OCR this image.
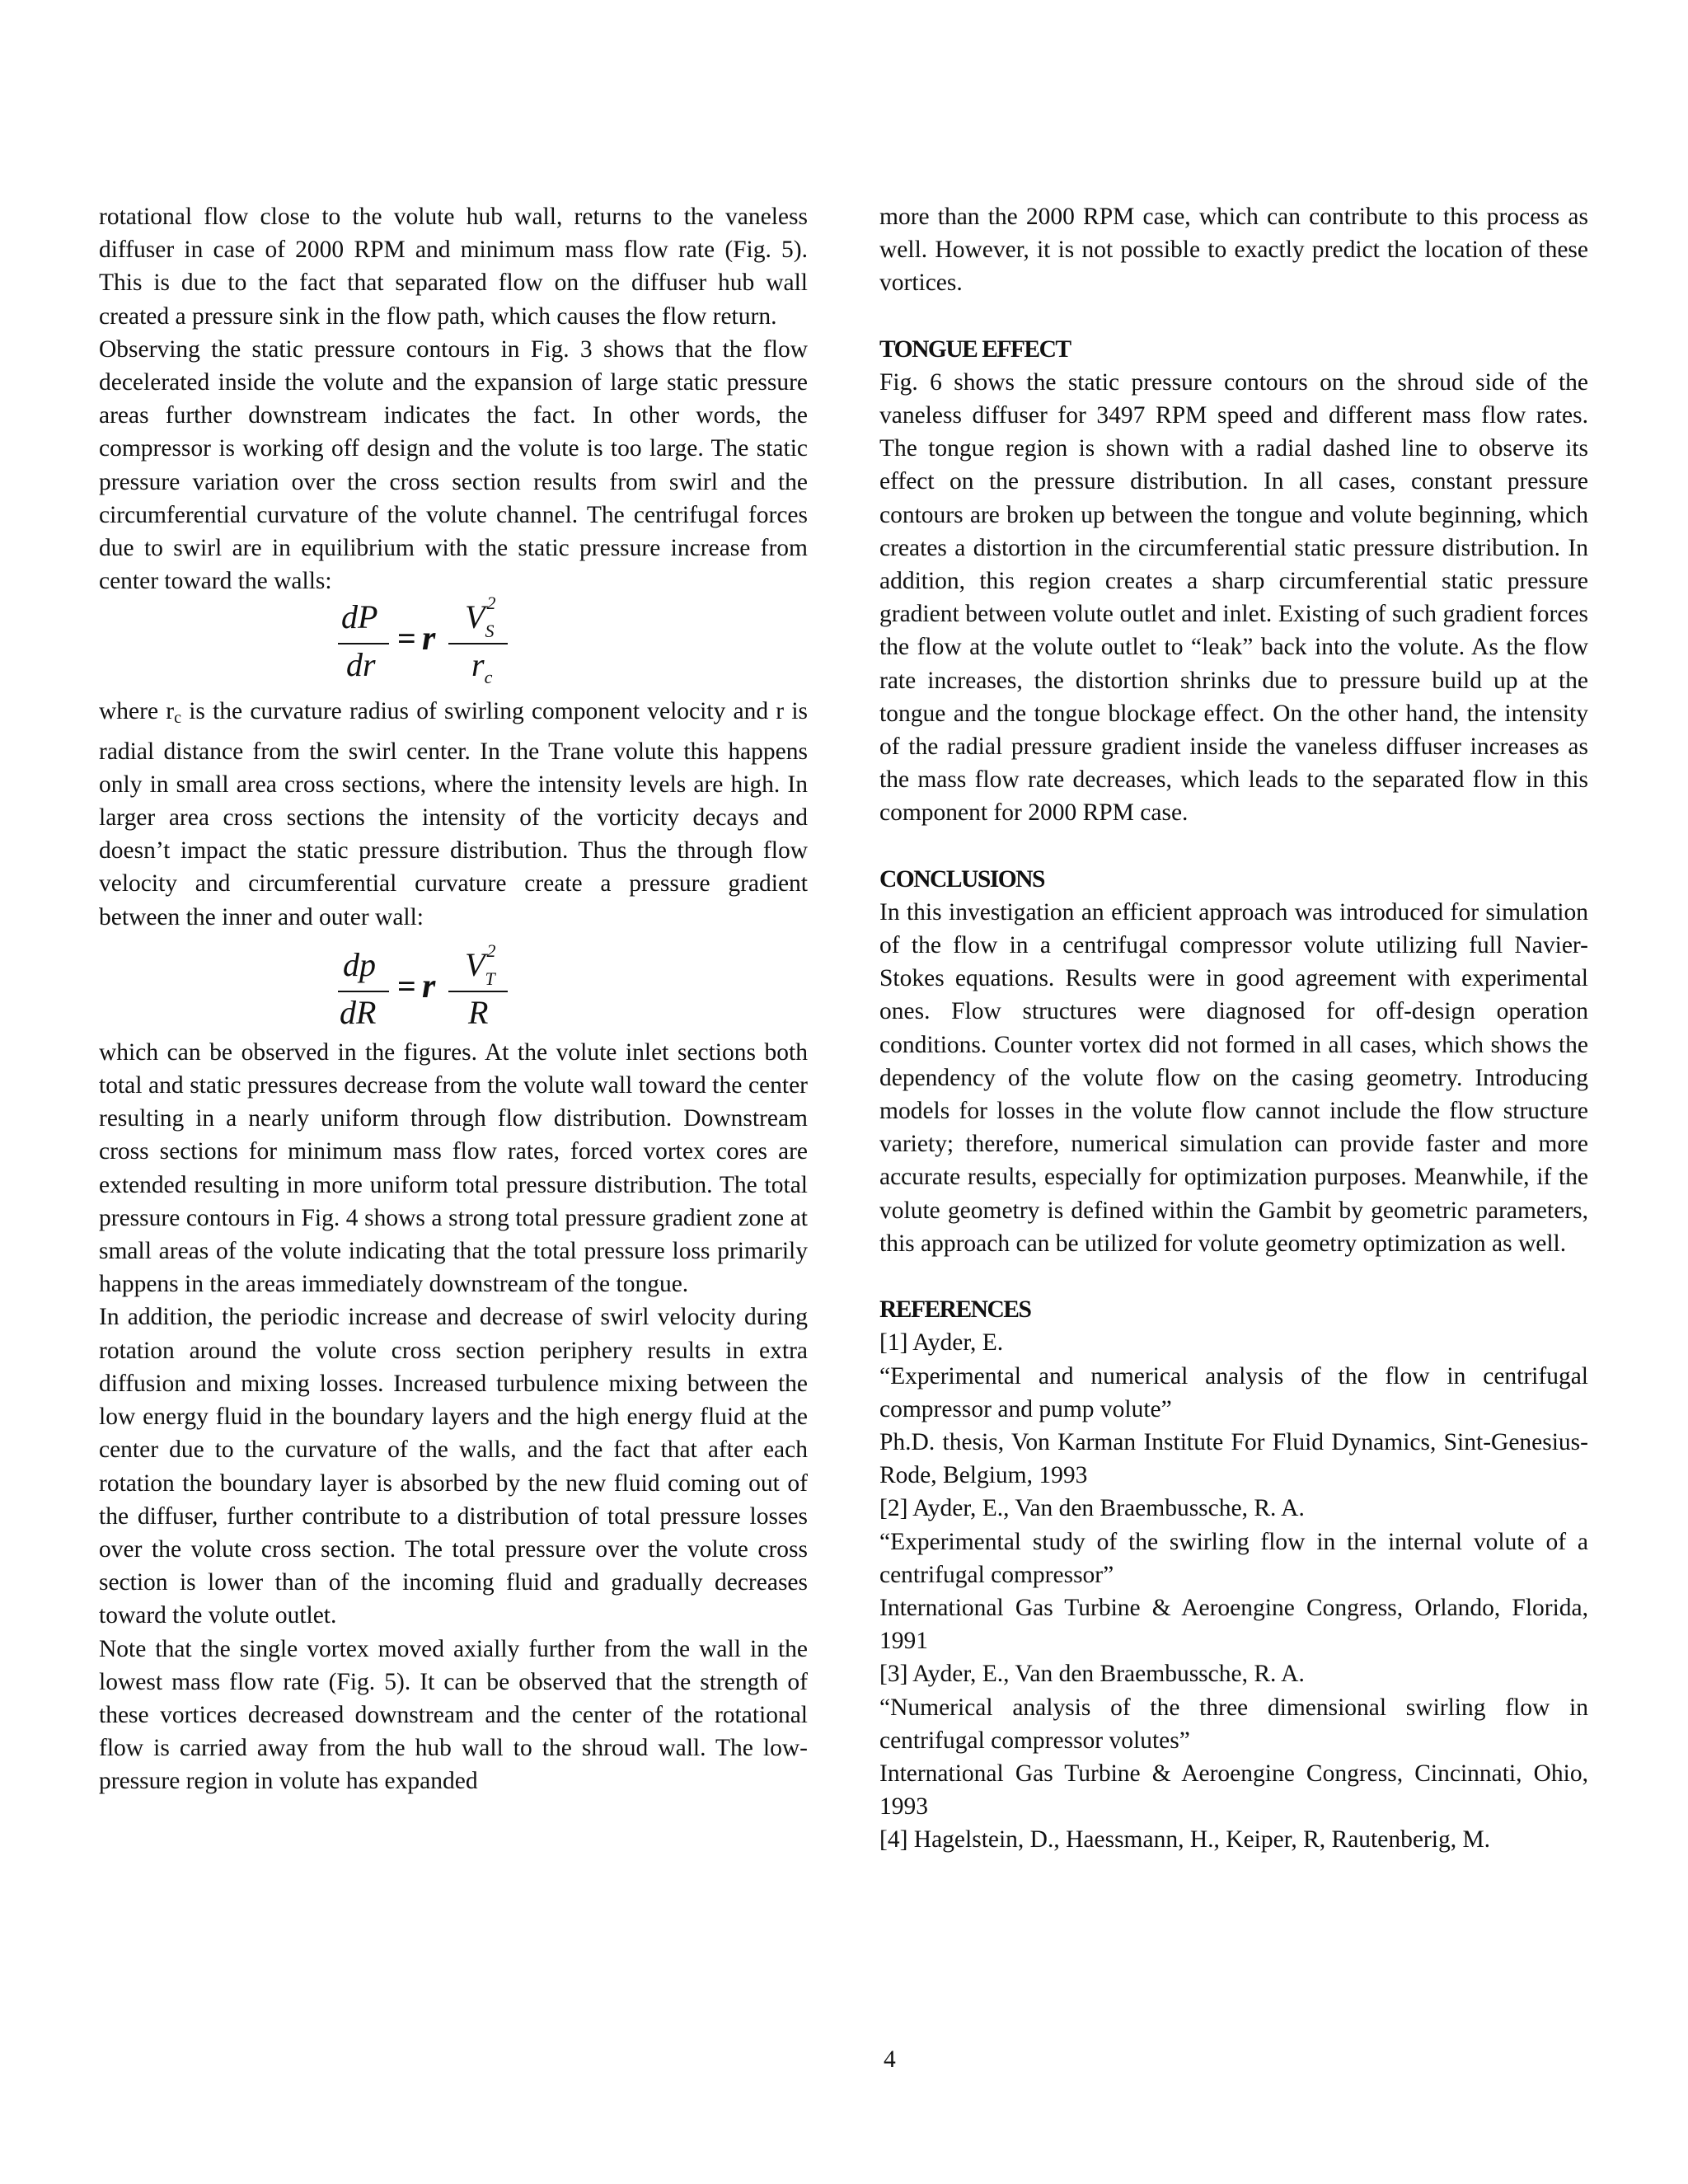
rotational flow close to the volute hub wall, returns to the vaneless diffuser in case of 2000 RPM and minimum mass flow rate (Fig. 5). This is due to the fact that separated flow on the diffuser hub wall created a pressure sink in the flow path, which causes the flow return.

Observing the static pressure contours in Fig. 3 shows that the flow decelerated inside the volute and the expansion of large static pressure areas further downstream indicates the fact. In other words, the compressor is working off design and the volute is too large. The static pressure variation over the cross section results from swirl and the circumferential curvature of the volute channel. The centrifugal forces due to swirl are in equilibrium with the static pressure increase from center toward the walls:

dP
dr
= r
V 2
S
$r_c$

where rc is the curvature radius of swirling component velocity and r is radial distance from the swirl center. In the Trane volute this happens only in small area cross sections, where the intensity levels are high. In larger area cross sections the intensity of the vorticity decays and doesn’t impact the static pressure distribution. Thus the through flow velocity and circumferential curvature create a pressure gradient between the inner and outer wall:

dp
dR
= r
V 2
T
R

which can be observed in the figures. At the volute inlet sections both total and static pressures decrease from the volute wall toward the center resulting in a nearly uniform through flow distribution. Downstream cross sections for minimum mass flow rates, forced vortex cores are extended resulting in more uniform total pressure distribution. The total pressure contours in Fig. 4 shows a strong total pressure gradient zone at small areas of the volute indicating that the total pressure loss primarily happens in the areas immediately downstream of the tongue.

In addition, the periodic increase and decrease of swirl velocity during rotation around the volute cross section periphery results in extra diffusion and mixing losses. Increased turbulence mixing between the low energy fluid in the boundary layers and the high energy fluid at the center due to the curvature of the walls, and the fact that after each rotation the boundary layer is absorbed by the new fluid coming out of the diffuser, further contribute to a distribution of total pressure losses over the volute cross section. The total pressure over the volute cross section is lower than of the incoming fluid and gradually decreases toward the volute outlet.

Note that the single vortex moved axially further from the wall in the lowest mass flow rate (Fig. 5). It can be observed that the strength of these vortices decreased downstream and the center of the rotational flow is carried away from the hub wall to the shroud wall. The low-pressure region in volute has expanded

more than the 2000 RPM case, which can contribute to this process as well. However, it is not possible to exactly predict the location of these vortices.

TONGUE EFFECT

Fig. 6 shows the static pressure contours on the shroud side of the vaneless diffuser for 3497 RPM speed and different mass flow rates. The tongue region is shown with a radial dashed line to observe its effect on the pressure distribution. In all cases, constant pressure contours are broken up between the tongue and volute beginning, which creates a distortion in the circumferential static pressure distribution. In addition, this region creates a sharp circumferential static pressure gradient between volute outlet and inlet. Existing of such gradient forces the flow at the volute outlet to “leak” back into the volute. As the flow rate increases, the distortion shrinks due to pressure build up at the tongue and the tongue blockage effect. On the other hand, the intensity of the radial pressure gradient inside the vaneless diffuser increases as the mass flow rate decreases, which leads to the separated flow in this component for 2000 RPM case.

CONCLUSIONS

In this investigation an efficient approach was introduced for simulation of the flow in a centrifugal compressor volute utilizing full Navier-Stokes equations. Results were in good agreement with experimental ones. Flow structures were diagnosed for off-design operation conditions. Counter vortex did not formed in all cases, which shows the dependency of the volute flow on the casing geometry. Introducing models for losses in the volute flow cannot include the flow structure variety; therefore, numerical simulation can provide faster and more accurate results, especially for optimization purposes. Meanwhile, if the volute geometry is defined within the Gambit by geometric parameters, this approach can be utilized for volute geometry optimization as well.

REFERENCES

[1] Ayder, E.

“Experimental and numerical analysis of the flow in centrifugal compressor and pump volute”

Ph.D. thesis, Von Karman Institute For Fluid Dynamics, Sint-Genesius-Rode, Belgium, 1993

[2] Ayder, E., Van den Braembussche, R. A.

“Experimental study of the swirling flow in the internal volute of a centrifugal compressor”

International Gas Turbine & Aeroengine Congress, Orlando, Florida, 1991

[3] Ayder, E., Van den Braembussche, R. A.

“Numerical analysis of the three dimensional swirling flow in centrifugal compressor volutes”

International Gas Turbine & Aeroengine Congress, Cincinnati, Ohio, 1993

[4] Hagelstein, D., Haessmann, H., Keiper, R, Rautenberig, M.

4
